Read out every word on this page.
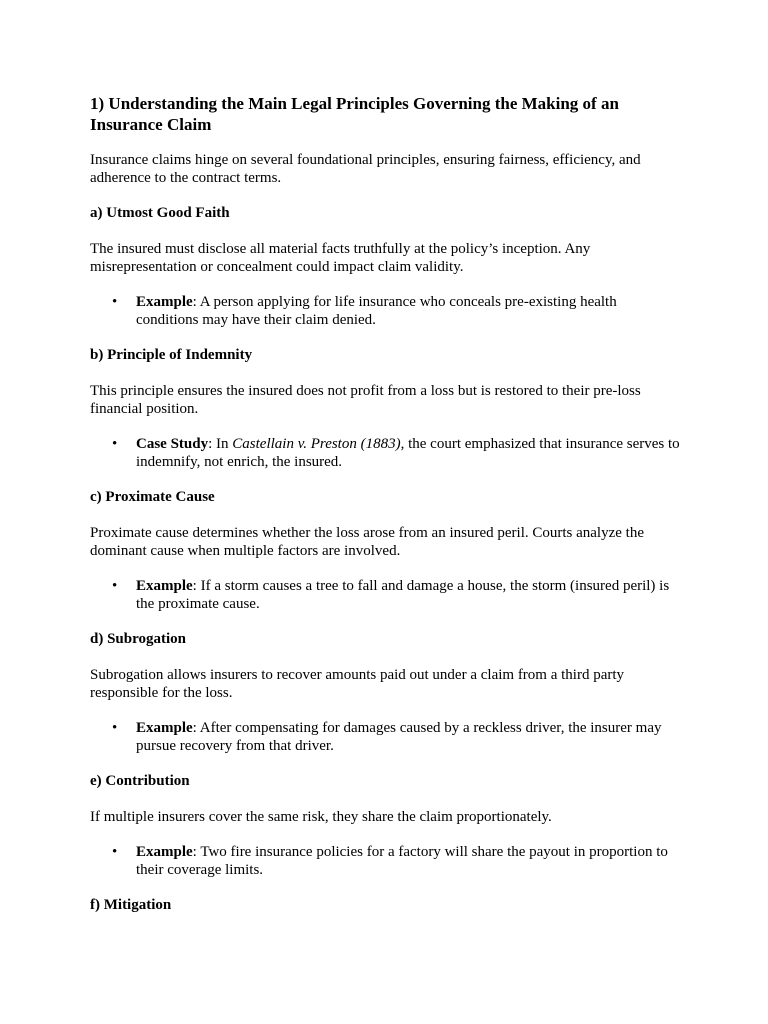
1) Understanding the Main Legal Principles Governing the Making of an Insurance Claim

Insurance claims hinge on several foundational principles, ensuring fairness, efficiency, and adherence to the contract terms.

a) Utmost Good Faith

The insured must disclose all material facts truthfully at the policy’s inception. Any misrepresentation or concealment could impact claim validity.

• Example: A person applying for life insurance who conceals pre-existing health conditions may have their claim denied.
b) Principle of Indemnity

This principle ensures the insured does not profit from a loss but is restored to their pre-loss financial position.

• Case Study: In Castellain v. Preston (1883), the court emphasized that insurance serves to indemnify, not enrich, the insured.
c) Proximate Cause

Proximate cause determines whether the loss arose from an insured peril. Courts analyze the dominant cause when multiple factors are involved.

• Example: If a storm causes a tree to fall and damage a house, the storm (insured peril) is the proximate cause.
d) Subrogation

Subrogation allows insurers to recover amounts paid out under a claim from a third party responsible for the loss.

• Example: After compensating for damages caused by a reckless driver, the insurer may pursue recovery from that driver.
e) Contribution

If multiple insurers cover the same risk, they share the claim proportionately.

• Example: Two fire insurance policies for a factory will share the payout in proportion to their coverage limits.
f) Mitigation
